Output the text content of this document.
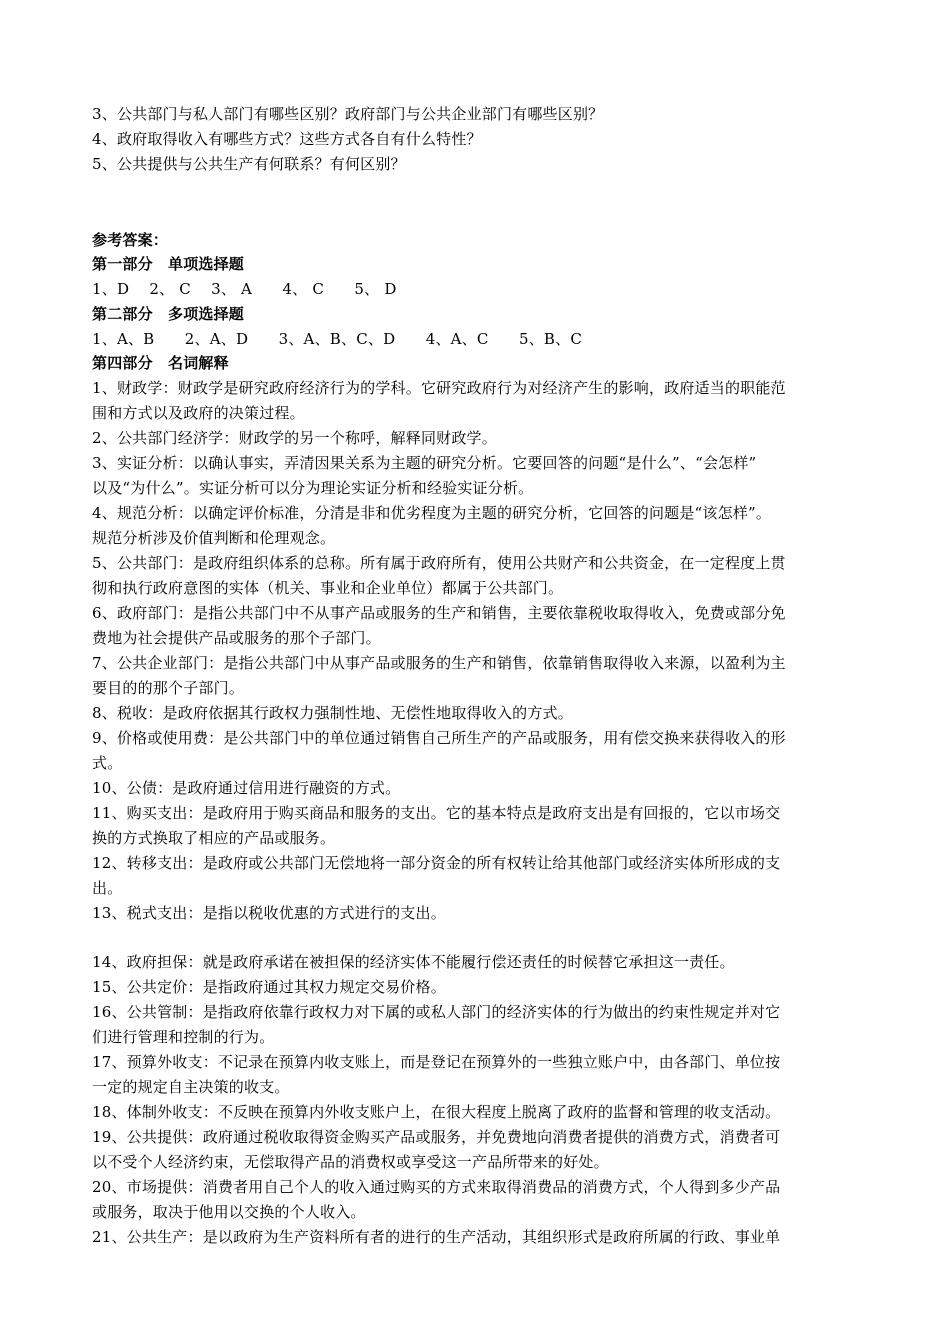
3、公共部门与私人部门有哪些区别？政府部门与公共企业部门有哪些区别？
4、政府取得收入有哪些方式？这些方式各自有什么特性？
5、公共提供与公共生产有何联系？有何区别？
参考答案：
第一部分　单项选择题
1、D　 2、 C　 3、 A　　4、 C　　5、 D
第二部分　多项选择题
1、A、B　　2、A、D　　3、A、B、C、D　　4、A、C　　5、B、C
第四部分　名词解释
1、财政学：财政学是研究政府经济行为的学科。它研究政府行为对经济产生的影响，政府适当的职能范
围和方式以及政府的决策过程。
2、公共部门经济学：财政学的另一个称呼，解释同财政学。
3、实证分析：以确认事实，弄清因果关系为主题的研究分析。它要回答的问题“是什么”、“会怎样”
以及“为什么”。实证分析可以分为理论实证分析和经验实证分析。
4、规范分析：以确定评价标准，分清是非和优劣程度为主题的研究分析，它回答的问题是“该怎样”。
规范分析涉及价值判断和伦理观念。
5、公共部门：是政府组织体系的总称。所有属于政府所有，使用公共财产和公共资金，在一定程度上贯
彻和执行政府意图的实体（机关、事业和企业单位）都属于公共部门。
6、政府部门：是指公共部门中不从事产品或服务的生产和销售，主要依靠税收取得收入，免费或部分免
费地为社会提供产品或服务的那个子部门。
7、公共企业部门：是指公共部门中从事产品或服务的生产和销售，依靠销售取得收入来源，以盈利为主
要目的的那个子部门。
8、税收：是政府依据其行政权力强制性地、无偿性地取得收入的方式。
9、价格或使用费：是公共部门中的单位通过销售自己所生产的产品或服务，用有偿交换来获得收入的形
式。
10、公债：是政府通过信用进行融资的方式。
11、购买支出：是政府用于购买商品和服务的支出。它的基本特点是政府支出是有回报的，它以市场交
换的方式换取了相应的产品或服务。
12、转移支出：是政府或公共部门无偿地将一部分资金的所有权转让给其他部门或经济实体所形成的支
出。
13、税式支出：是指以税收优惠的方式进行的支出。
14、政府担保：就是政府承诺在被担保的经济实体不能履行偿还责任的时候替它承担这一责任。
15、公共定价：是指政府通过其权力规定交易价格。
16、公共管制：是指政府依靠行政权力对下属的或私人部门的经济实体的行为做出的约束性规定并对它
们进行管理和控制的行为。
17、预算外收支：不记录在预算内收支账上，而是登记在预算外的一些独立账户中，由各部门、单位按
一定的规定自主决策的收支。
18、体制外收支：不反映在预算内外收支账户上，在很大程度上脱离了政府的监督和管理的收支活动。
19、公共提供：政府通过税收取得资金购买产品或服务，并免费地向消费者提供的消费方式，消费者可
以不受个人经济约束，无偿取得产品的消费权或享受这一产品所带来的好处。
20、市场提供：消费者用自己个人的收入通过购买的方式来取得消费品的消费方式，个人得到多少产品
或服务，取决于他用以交换的个人收入。
21、公共生产：是以政府为生产资料所有者的进行的生产活动，其组织形式是政府所属的行政、事业单
